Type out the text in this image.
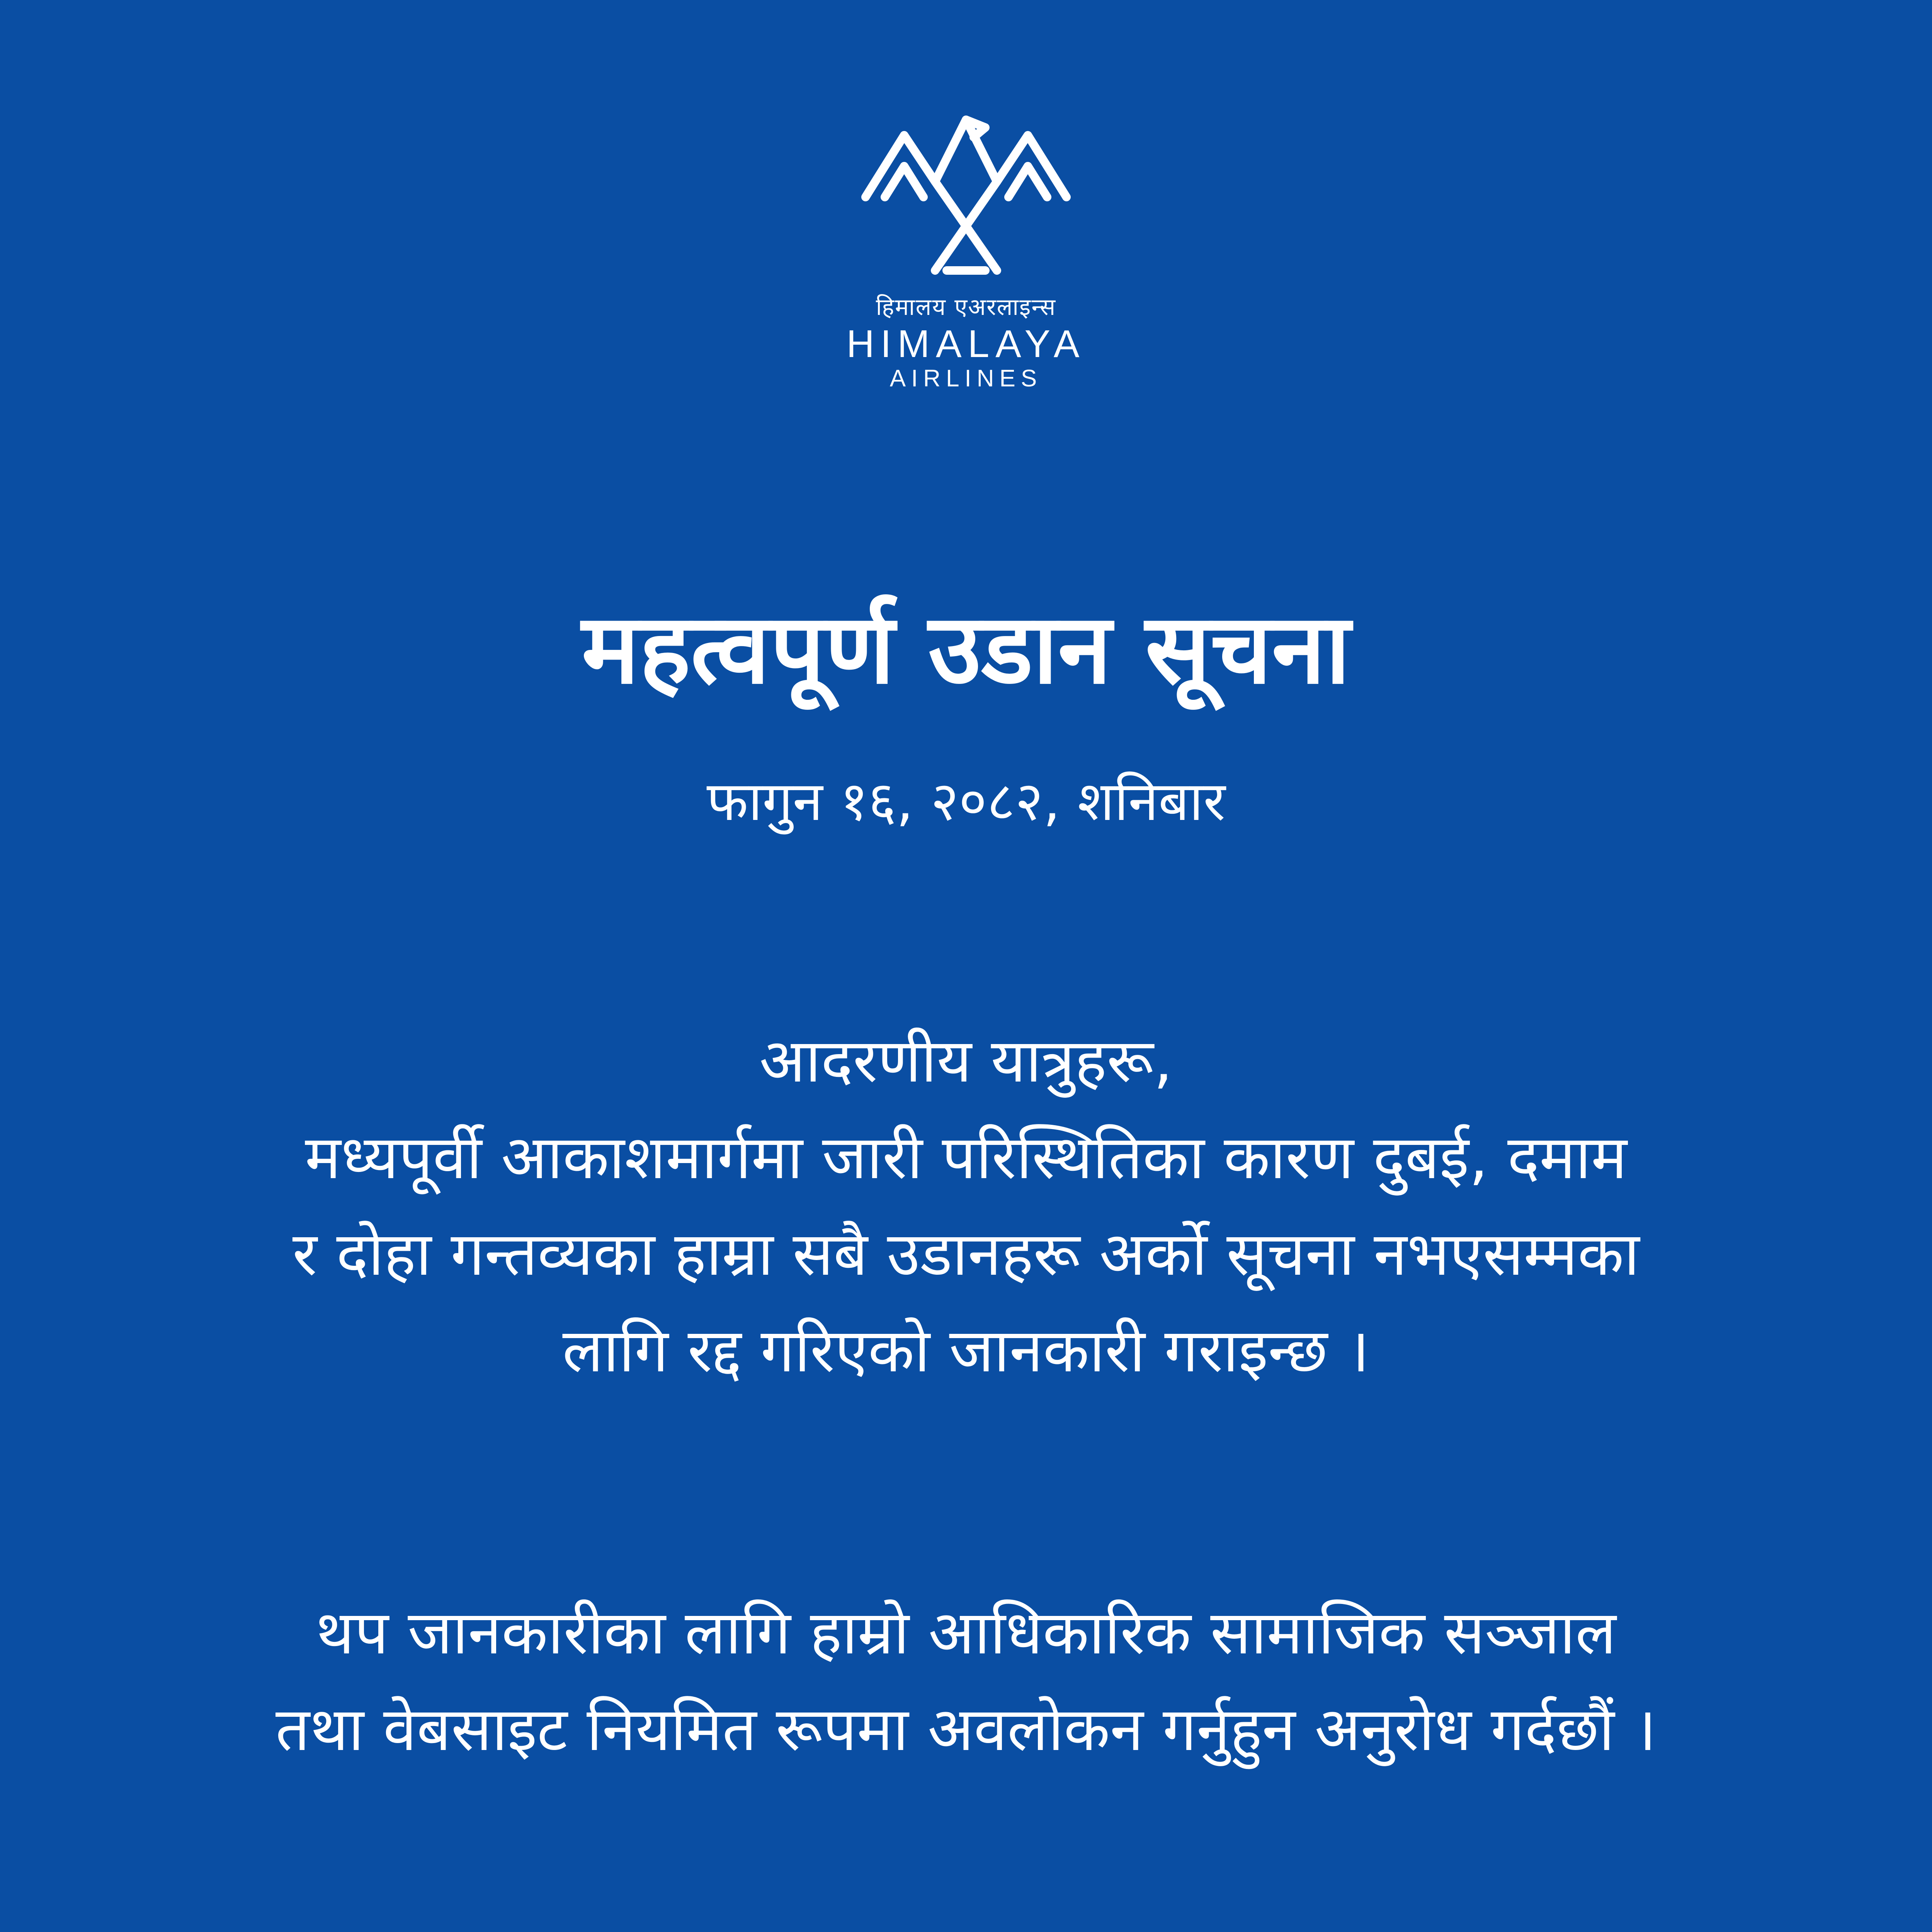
हिमालय एअरलाइन्स
HIMALAYA
AIRLINES
महत्वपूर्ण उडान सूचना
फागुन १६, २०८२, शनिबार
आदरणीय यात्रुहरू,
मध्यपूर्वी आकाशमार्गमा जारी परिस्थितिका कारण दुबई, दमाम
र दोहा गन्तव्यका हाम्रा सबै उडानहरू अर्को सूचना नभएसम्मका
लागि रद्द गरिएको जानकारी गराइन्छ ।
थप जानकारीका लागि हाम्रो आधिकारिक सामाजिक सञ्जाल
तथा वेबसाइट नियमित रूपमा अवलोकन गर्नुहुन अनुरोध गर्दछौं ।
